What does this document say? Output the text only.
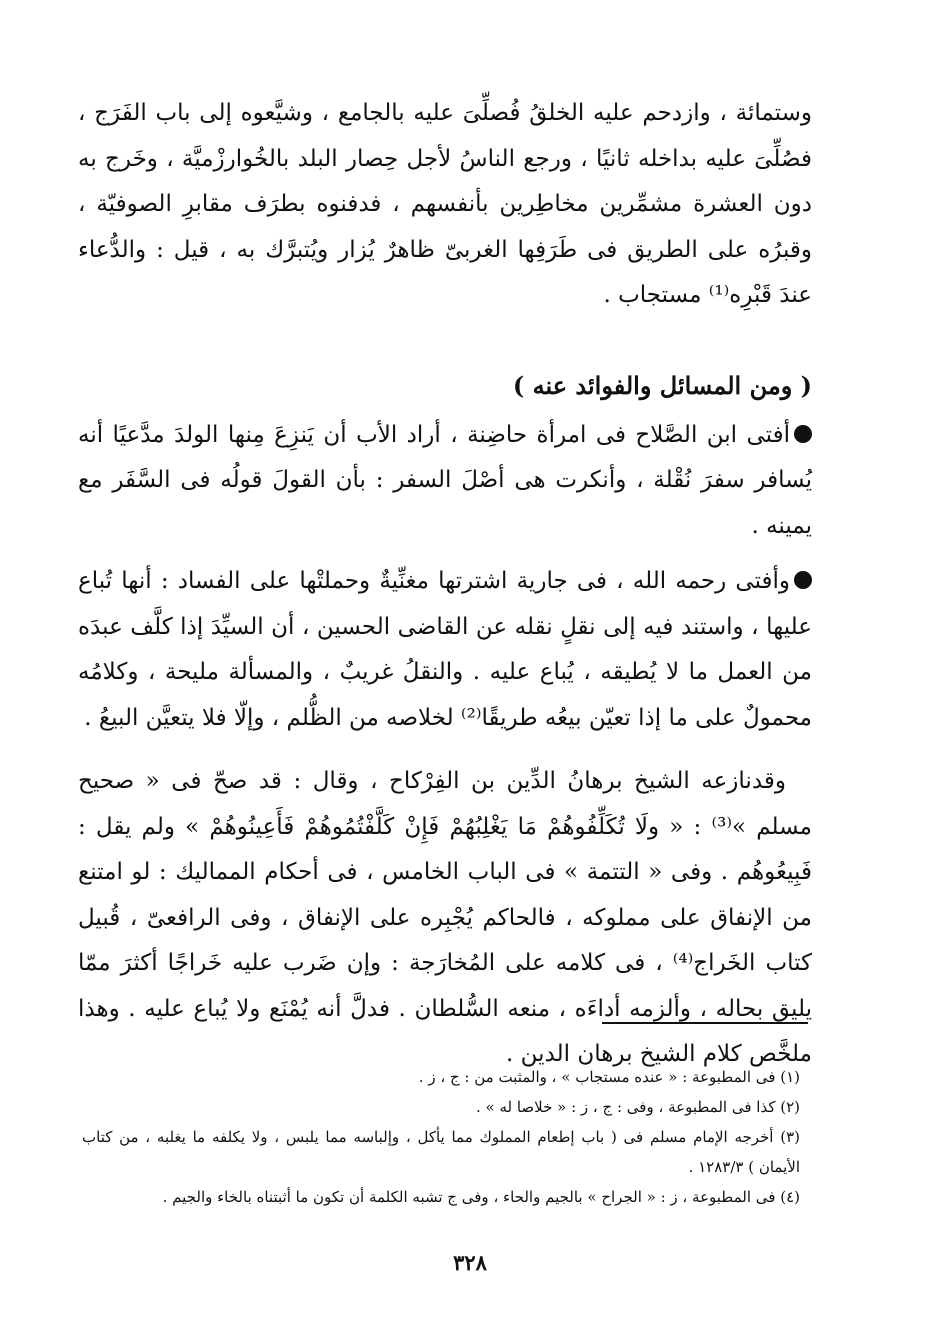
وستمائة ، وازدحم عليه الخلقُ فُصلِّىَ عليه بالجامع ، وشيَّعوه إلى باب الفَرَج ، فصُلِّىَ عليه بداخله ثانيًا ، ورجع الناسُ لأجل حِصار البلد بالخُوارزْميَّة ، وخَرج به دون العشرة مشمِّرين مخاطِرين بأنفسهم ، فدفنوه بطرَف مقابرِ الصوفيّة ، وقبرُه على الطريق فى طَرَفِها الغربىّ ظاهرٌ يُزار ويُتبرَّك به ، قيل : والدُّعاء عندَ قَبْرِه⁽¹⁾ مستجاب .

( ومن المسائل والفوائد عنه )

أفتى ابن الصَّلاح فى امرأة حاضِنة ، أراد الأب أن يَنزِعَ مِنها الولدَ مدَّعيًا أنه يُسافر سفرَ نُقْلة ، وأنكرت هى أصْلَ السفر : بأن القولَ قولُه فى السَّفَر مع يمينه .

وأفتى رحمه الله ، فى جارية اشترتها مغنِّيةٌ وحملتْها على الفساد : أنها تُباع عليها ، واستند فيه إلى نقلٍ نقله عن القاضى الحسين ، أن السيِّدَ إذا كلَّف عبدَه من العمل ما لا يُطيقه ، يُباع عليه . والنقلُ غريبٌ ، والمسألة مليحة ، وكلامُه محمولٌ على ما إذا تعيّن بيعُه طريقًا⁽²⁾ لخلاصه من الظُّلم ، وإلّا فلا يتعيَّن البيعُ .

وقدنازعه الشيخ برهانُ الدِّين بن الفِرْكاح ، وقال : قد صحّ فى « صحيح مسلم »⁽³⁾ : « ولَا تُكَلِّفُوهُمْ مَا يَغْلِبُهُمْ فَإِنْ كَلَّفْتُمُوهُمْ فَأَعِينُوهُمْ » ولم يقل : فَبِيعُوهُم . وفى « التتمة » فى الباب الخامس ، فى أحكام المماليك : لو امتنع من الإنفاق على مملوكه ، فالحاكم يُجْبِره على الإنفاق ، وفى الرافعىّ ، قُبيل كتاب الخَراج⁽⁴⁾ ، فى كلامه على المُخارَجة : وإن ضَرب عليه خَراجًا أكثرَ ممّا يليق بحاله ، وألزمه أداءَه ، منعه السُّلطان . فدلَّ أنه يُمْنَع ولا يُباع عليه . وهذا ملخَّص كلام الشيخ برهان الدين .

(١) فى المطبوعة : « عنده مستجاب » ، والمثبت من : ج ، ز .

(٢) كذا فى المطبوعة ، وفى : ج ، ز : « خلاصا له » .

(٣) أخرجه الإمام مسلم فى ( باب إطعام المملوك مما يأكل ، وإلباسه مما يلبس ، ولا يكلفه ما يغلبه ، من كتاب الأيمان ) ١٢٨٣/٣ .

(٤) فى المطبوعة ، ز : « الجراح » بالجيم والحاء ، وفى ج تشبه الكلمة أن تكون ما أثبتناه بالخاء والجيم .

٣٢٨
